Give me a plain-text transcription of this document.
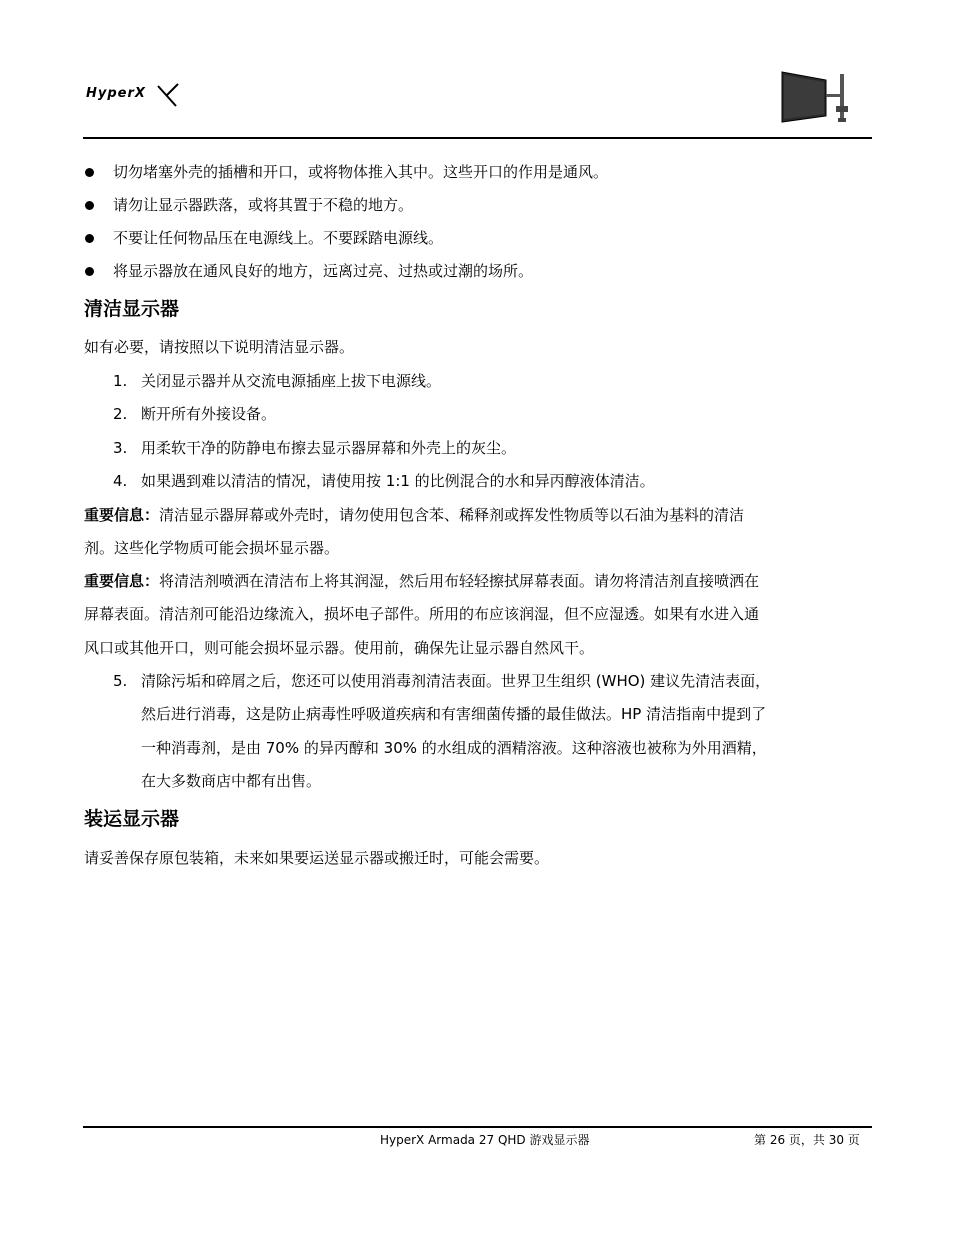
HyperX
切勿堵塞外壳的插槽和开口，或将物体推入其中。这些开口的作用是通风。
请勿让显示器跌落，或将其置于不稳的地方。
不要让任何物品压在电源线上。不要踩踏电源线。
将显示器放在通风良好的地方，远离过亮、过热或过潮的场所。
清洁显示器
如有必要，请按照以下说明清洁显示器。
1. 关闭显示器并从交流电源插座上拔下电源线。
2. 断开所有外接设备。
3. 用柔软干净的防静电布擦去显示器屏幕和外壳上的灰尘。
4. 如果遇到难以清洁的情况，请使用按 1:1 的比例混合的水和异丙醇液体清洁。
重要信息：清洁显示器屏幕或外壳时，请勿使用包含苯、稀释剂或挥发性物质等以石油为基料的清洁
剂。这些化学物质可能会损坏显示器。
重要信息：将清洁剂喷洒在清洁布上将其润湿，然后用布轻轻擦拭屏幕表面。请勿将清洁剂直接喷洒在
屏幕表面。清洁剂可能沿边缘流入，损坏电子部件。所用的布应该润湿，但不应湿透。如果有水进入通
风口或其他开口，则可能会损坏显示器。使用前，确保先让显示器自然风干。
5. 清除污垢和碎屑之后，您还可以使用消毒剂清洁表面。世界卫生组织 (WHO) 建议先清洁表面，
然后进行消毒，这是防止病毒性呼吸道疾病和有害细菌传播的最佳做法。HP 清洁指南中提到了
一种消毒剂，是由 70% 的异丙醇和 30% 的水组成的酒精溶液。这种溶液也被称为外用酒精，
在大多数商店中都有出售。
装运显示器
请妥善保存原包装箱，未来如果要运送显示器或搬迁时，可能会需要。
HyperX Armada 27 QHD 游戏显示器	第 26 页，共 30 页
